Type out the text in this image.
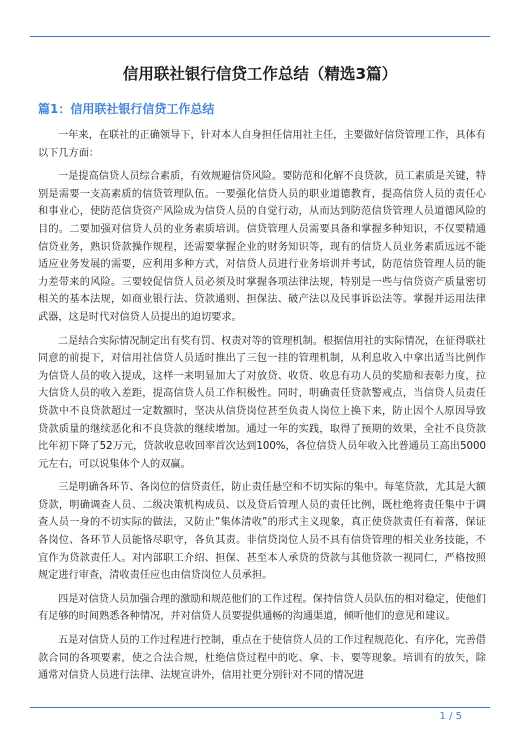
信用联社银行信贷工作总结（精选3篇）
篇1：信用联社银行信贷工作总结

一年来，在联社的正确领导下，针对本人自身担任信用社主任，主要做好信贷管理工作，具体有以下几方面：

一是提高信贷人员综合素质，有效规避信贷风险。要防范和化解不良贷款，员工素质是关键，特别是需要一支高素质的信贷管理队伍。一要强化信贷人员的职业道德教育，提高信贷人员的责任心和事业心，使防范信贷资产风险成为信贷人员的自觉行动，从而达到防范信贷管理人员道德风险的目的。二要加强对信贷人员的业务素质培训。信贷管理人员需要具备和掌握多种知识，不仅要精通信贷业务，熟识贷款操作规程，还需要掌握企业的财务知识等，现有的信贷人员业务素质远远不能适应业务发展的需要，应利用多种方式，对信贷人员进行业务培训并考试，防范信贷管理人员的能力差带来的风险。三要较促信贷人员必须及时掌握各项法律法规，特别是一些与信贷资产质量密切相关的基本法规，如商业银行法、贷款通则、担保法、破产法以及民事诉讼法等。掌握并运用法律武器，这是时代对信贷人员提出的迫切要求。

二是结合实际情况制定出有奖有罚、权责对等的管理机制。根据信用社的实际情况，在征得联社同意的前提下，对信用社信贷人员适时推出了三包一挂的管理机制，从利息收入中拿出适当比例作为信贷人员的收入提成，这样一来明显加大了对放贷、收贷、收息有功人员的奖励和表彰力度，拉大信贷人员的收入差距，提高信贷人员工作积极性。同时，明确责任贷款警戒点，当信贷人员责任贷款中不良贷款超过一定数额时，坚决从信贷岗位甚至负责人岗位上换下来，防止因个人原因导致贷款质量的继续恶化和不良贷款的继续增加。通过一年的实践，取得了预期的效果，全社不良贷款比年初下降了52万元，贷款收息收回率首次达到100%，各位信贷人员年收入比普通员工高出5000元左右，可以说集体个人的双赢。

三是明确各环节、各岗位的信贷责任，防止责任悬空和不切实际的集中。每笔贷款，尤其是大额贷款，明确调查人员、二级决策机构成员、以及贷后管理人员的责任比例，既杜绝将责任集中于调查人员一身的不切实际的做法，又防止”集体清收”的形式主义现象，真正使贷款责任有着落，保证各岗位、各环节人员能恪尽职守，各负其责。非信贷岗位人员不具有信贷管理的相关业务技能，不宜作为贷款责任人。对内部职工介绍、担保、甚至本人承贷的贷款与其他贷款一视同仁，严格按照规定进行审查，清收责任应也由信贷岗位人员承担。

四是对信贷人员加强合理的激励和规范他们的工作过程。保持信贷人员队伍的相对稳定，使他们有足够的时间熟悉各种情况，并对信贷人员要提供通畅的沟通渠道，倾听他们的意见和建议。

五是对信贷人员的工作过程进行控制，重点在于使信贷人员的工作过程规范化、有序化，完善借款合同的各项要素，使之合法合规，杜绝信贷过程中的吃、拿、卡、要等现象。培训有的放矢，除通常对信贷人员进行法律、法规宣讲外，信用社更分别针对不同的情况进

1 / 5
